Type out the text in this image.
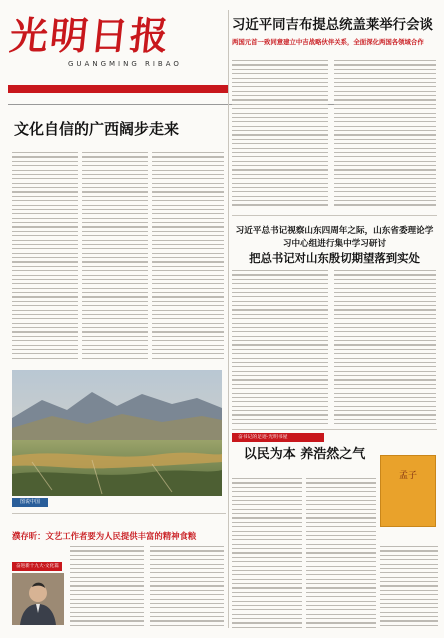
光明日报
GUANGMING RIBAO
习近平同吉布提总统盖莱举行会谈
两国元首一致同意建立中吉战略伙伴关系，全面深化两国各领域合作
文化自信的广西阔步走来
图说中国
习近平总书记视察山东四周年之际，山东省委理论学习中心组进行集中学习研讨
把总书记对山东殷切期望落到实处
奋书记的足迹·光明书屋
以民为本 养浩然之气
孟子
濮存昕：文艺工作者要为人民提供丰富的精神食粮
奋进新十九大·文化篇
